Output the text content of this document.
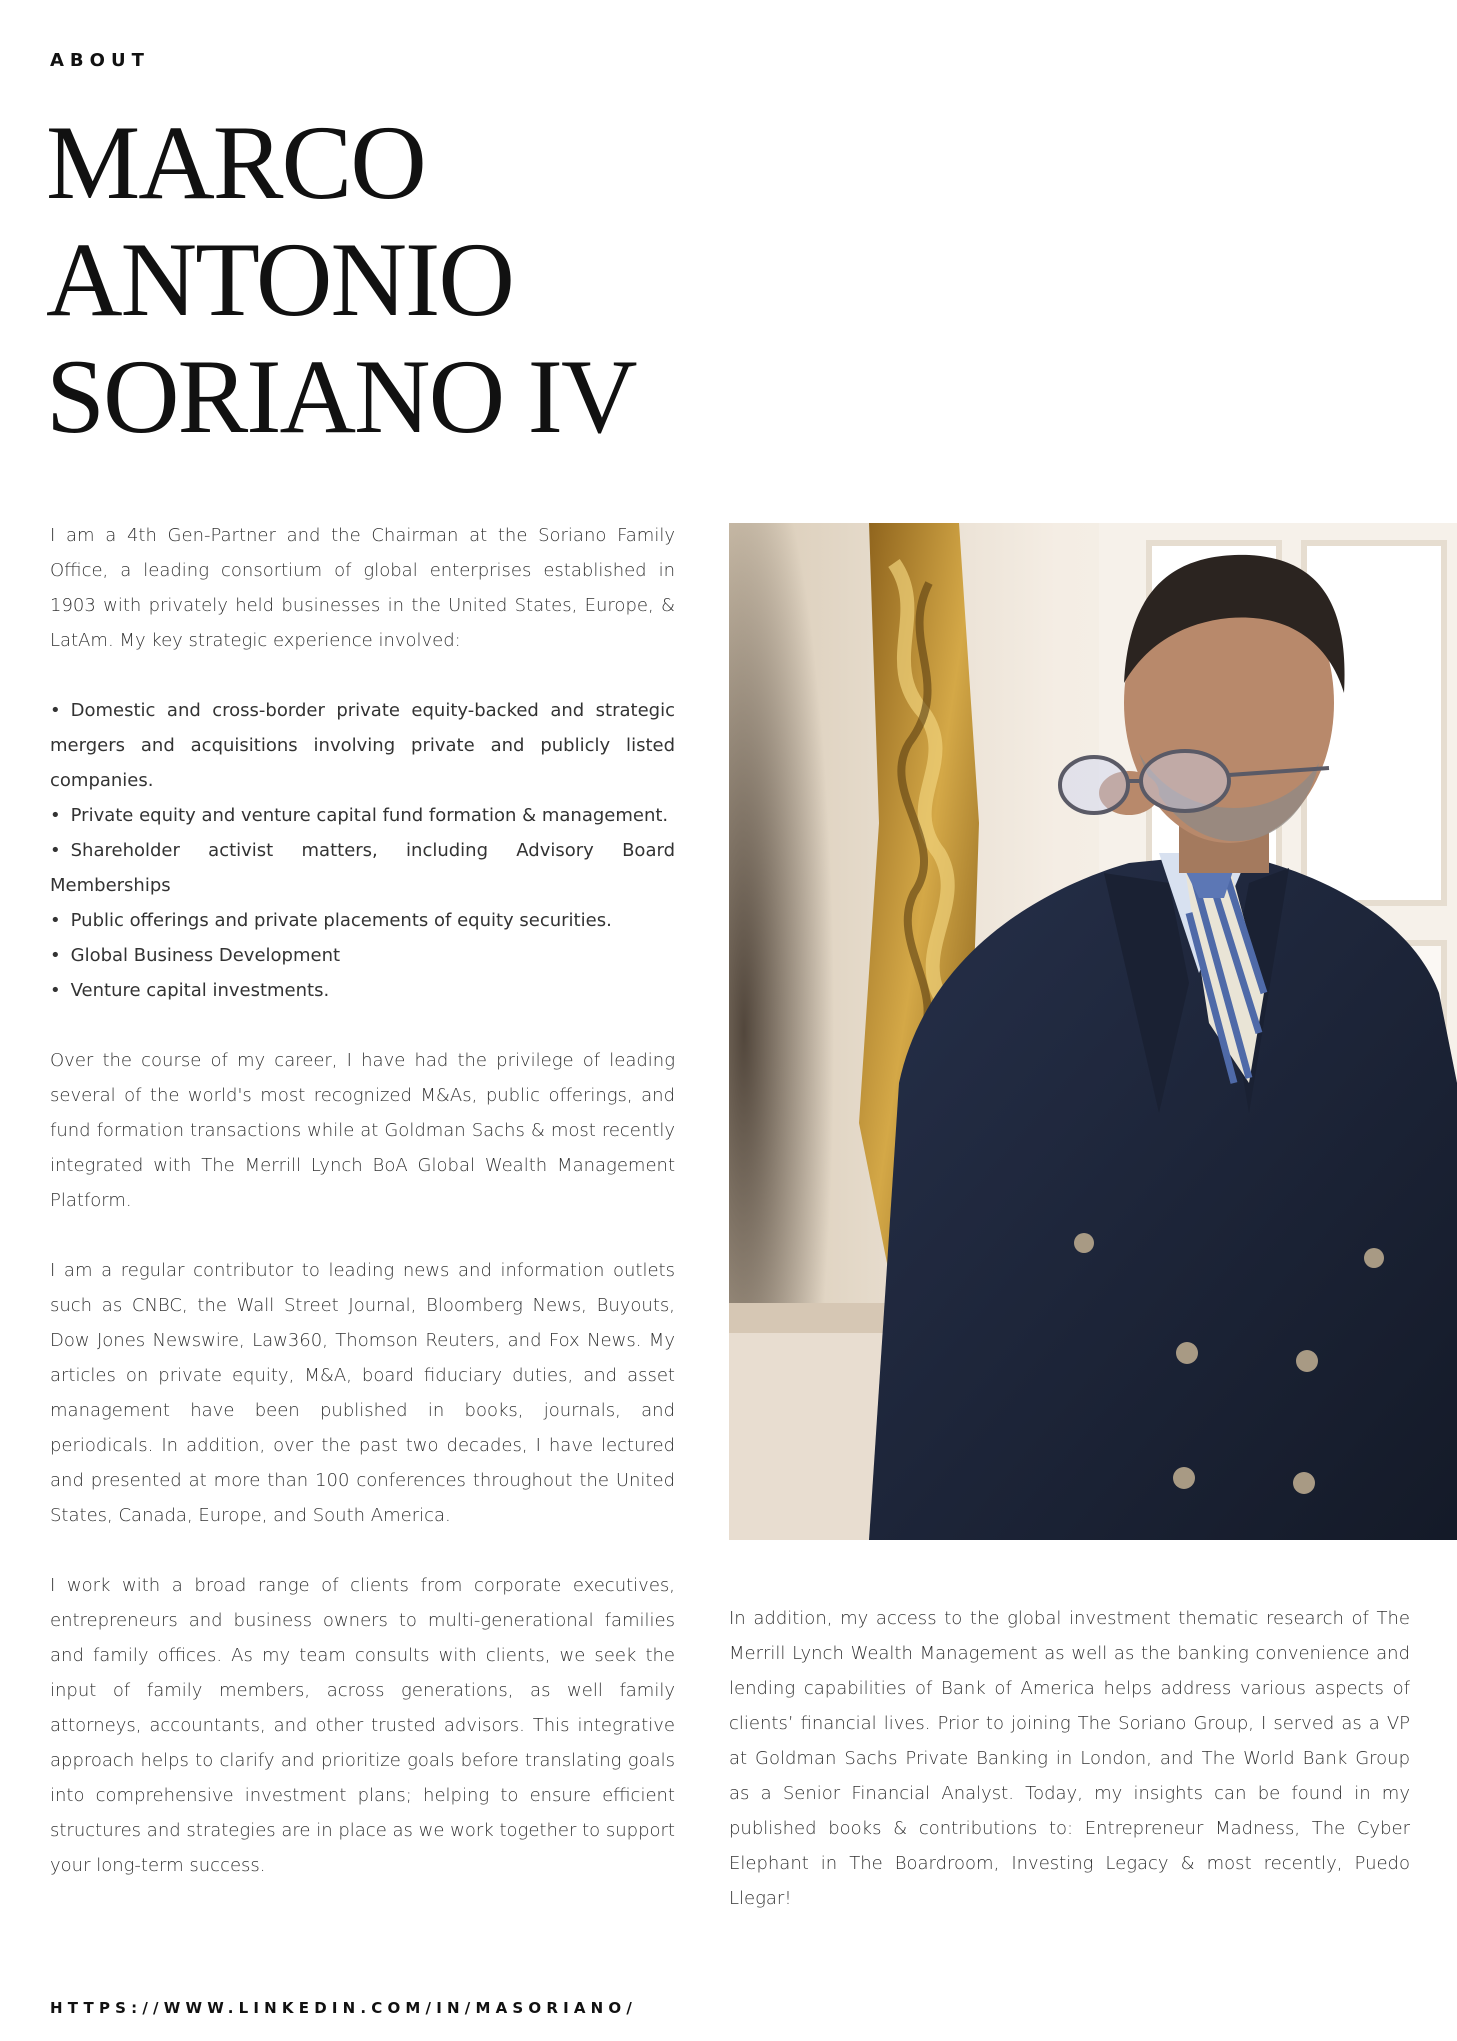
ABOUT
MARCO
ANTONIO
SORIANO IV

I am a 4th Gen-Partner and the Chairman at the Soriano Family Office, a leading consortium of global enterprises established in 1903 with privately held businesses in the United States, Europe, & LatAm. My key strategic experience involved:

• Domestic and cross-border private equity-backed and strategic mergers and acquisitions involving private and publicly listed companies.
• Private equity and venture capital fund formation & management.
• Shareholder activist matters, including Advisory Board Memberships
• Public offerings and private placements of equity securities.
• Global Business Development
• Venture capital investments.

Over the course of my career, I have had the privilege of leading several of the world's most recognized M&As, public offerings, and fund formation transactions while at Goldman Sachs & most recently integrated with The Merrill Lynch BoA Global Wealth Management Platform.

I am a regular contributor to leading news and information outlets such as CNBC, the Wall Street Journal, Bloomberg News, Buyouts, Dow Jones Newswire, Law360, Thomson Reuters, and Fox News. My articles on private equity, M&A, board fiduciary duties, and asset management have been published in books, journals, and periodicals. In addition, over the past two decades, I have lectured and presented at more than 100 conferences throughout the United States, Canada, Europe, and South America.

I work with a broad range of clients from corporate executives, entrepreneurs and business owners to multi-generational families and family offices. As my team consults with clients, we seek the input of family members, across generations, as well family attorneys, accountants, and other trusted advisors. This integrative approach helps to clarify and prioritize goals before translating goals into comprehensive investment plans; helping to ensure efficient structures and strategies are in place as we work together to support your long-term success.

In addition, my access to the global investment thematic research of The Merrill Lynch Wealth Management as well as the banking convenience and lending capabilities of Bank of America helps address various aspects of clients’ financial lives. Prior to joining The Soriano Group, I served as a VP at Goldman Sachs Private Banking in London, and The World Bank Group as a Senior Financial Analyst. Today, my insights can be found in my published books & contributions to: Entrepreneur Madness, The Cyber Elephant in The Boardroom, Investing Legacy & most recently, Puedo Llegar!

HTTPS://WWW.LINKEDIN.COM/IN/MASORIANO/
